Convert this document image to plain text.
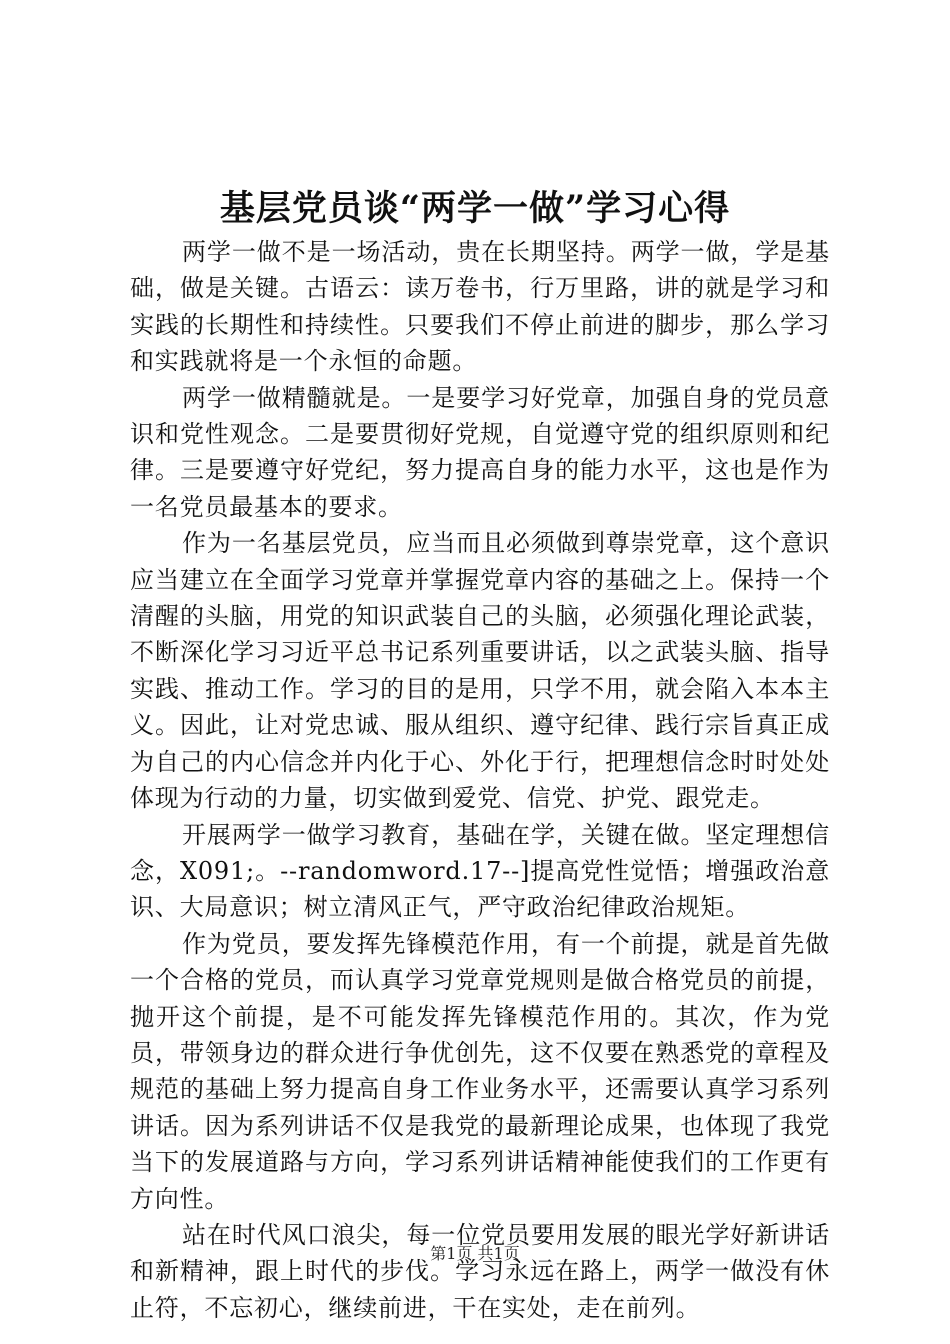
基层党员谈“两学一做”学习心得

两学一做不是一场活动，贵在长期坚持。两学一做，学是基础，做是关键。古语云：读万卷书，行万里路，讲的就是学习和实践的长期性和持续性。只要我们不停止前进的脚步，那么学习和实践就将是一个永恒的命题。

两学一做精髓就是。一是要学习好党章，加强自身的党员意识和党性观念。二是要贯彻好党规，自觉遵守党的组织原则和纪律。三是要遵守好党纪，努力提高自身的能力水平，这也是作为一名党员最基本的要求。

作为一名基层党员，应当而且必须做到尊崇党章，这个意识应当建立在全面学习党章并掌握党章内容的基础之上。保持一个清醒的头脑，用党的知识武装自己的头脑，必须强化理论武装，不断深化学习习近平总书记系列重要讲话，以之武装头脑、指导实践、推动工作。学习的目的是用，只学不用，就会陷入本本主义。因此，让对党忠诚、服从组织、遵守纪律、践行宗旨真正成为自己的内心信念并内化于心、外化于行，把理想信念时时处处体现为行动的力量，切实做到爱党、信党、护党、跟党走。

开展两学一做学习教育，基础在学，关键在做。坚定理想信念，X091;。--randomword.17--]提高党性觉悟；增强政治意识、大局意识；树立清风正气，严守政治纪律政治规矩。

作为党员，要发挥先锋模范作用，有一个前提，就是首先做一个合格的党员，而认真学习党章党规则是做合格党员的前提，抛开这个前提，是不可能发挥先锋模范作用的。其次，作为党员，带领身边的群众进行争优创先，这不仅要在熟悉党的章程及规范的基础上努力提高自身工作业务水平，还需要认真学习系列讲话。因为系列讲话不仅是我党的最新理论成果，也体现了我党当下的发展道路与方向，学习系列讲话精神能使我们的工作更有方向性。

站在时代风口浪尖，每一位党员要用发展的眼光学好新讲话和新精神，跟上时代的步伐。学习永远在路上，两学一做没有休止符，不忘初心，继续前进，干在实处，走在前列。

第1页 共1页
